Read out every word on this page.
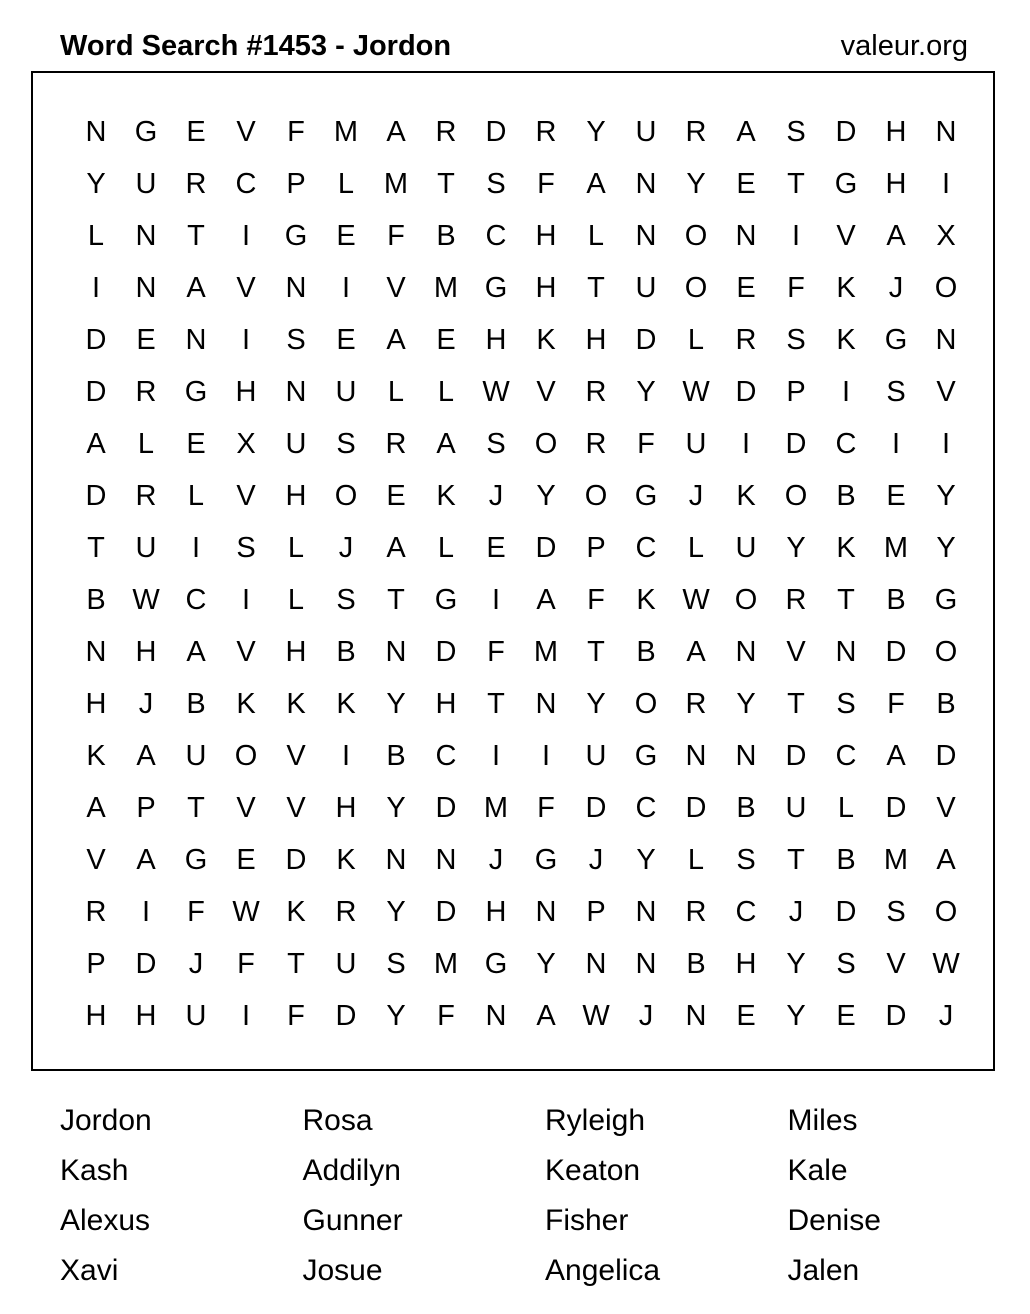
Word Search #1453 - Jordon	valeur.org
N G	E	V	F	M A	R	D	R	Y	U	R	A	S	D	H	N
Y	U	R	C	P	L	M	T	S	F	A	N	Y	E	T	G H	I
L	N	T	I	G	E	F	B	C	H	L	N O N	I	V	A	X
I	N	A	V	N	I	V M G H	T	U O	E	F	K	J	O
D	E	N	I	S	E	A	E	H	K	H	D	L	R	S	K	G N
D	R G H	N	U	L	L W V	R	Y W D	P	I	S	V
A	L	E	X	U	S	R	A	S	O R	F	U	I	D	C	I	I
D	R	L	V	H O	E	K	J	Y	O G	J	K	O	B	E	Y
T	U	I	S	L	J	A	L	E	D	P	C	L	U	Y	K M Y
B W C	I	L	S	T	G	I	A	F	K W O R	T	B	G
N	H	A	V	H	B	N	D	F	M	T	B	A	N	V	N	D O
H	J	B	K	K	K	Y	H	T	N	Y	O R	Y	T	S	F	B
K	A	U O	V	I	B	C	I	I	U G N	N	D	C	A	D
A	P	T	V	V	H	Y	D M	F	D	C	D	B	U	L	D	V
V	A	G	E	D	K	N	N	J	G	J	Y	L	S	T	B M A
R	I	F W K	R	Y	D	H	N	P	N	R	C	J	D	S	O
P	D	J	F	T	U	S M G	Y	N	N	B	H	Y	S	V W
H	H	U	I	F	D	Y	F	N	A W	J	N	E	Y	E	D	J
Jordon	Rosa	Ryleigh	Miles
Kash	Addilyn	Keaton	Kale
Alexus	Gunner	Fisher	Denise
Xavi	Josue	Angelica	Jalen
